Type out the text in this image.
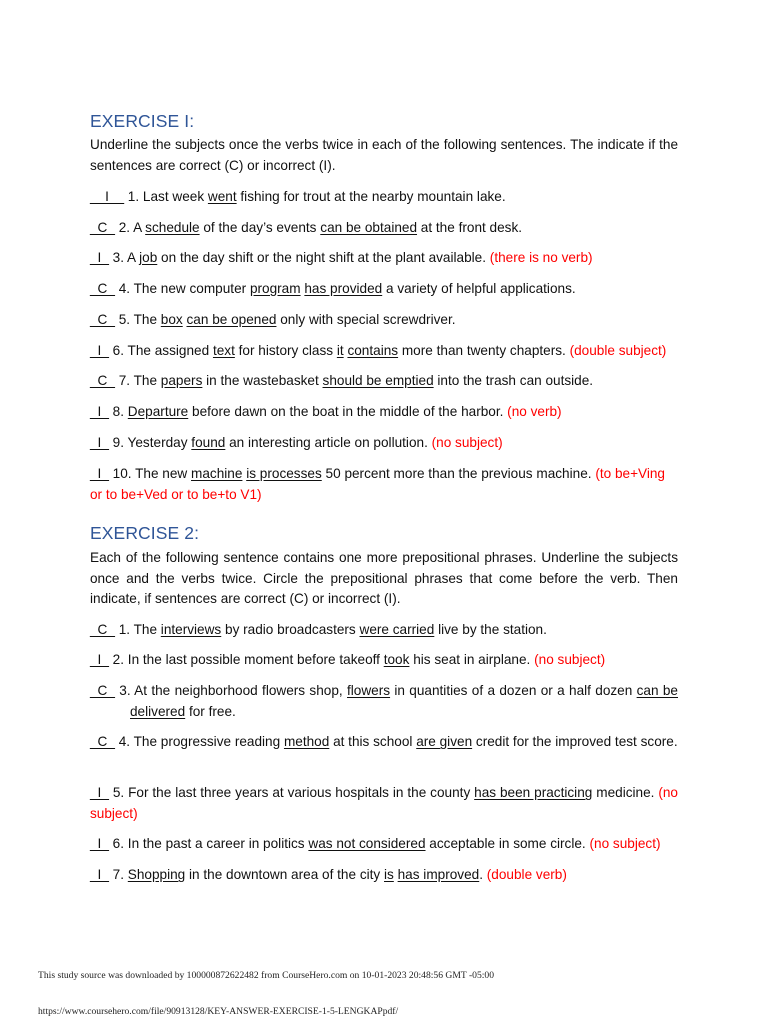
EXERCISE I:
Underline the subjects once the verbs twice in each of the following sentences. The indicate if the sentences are correct (C) or incorrect (I).
__I__ 1. Last week went fishing for trout at the nearby mountain lake.
_C_ 2. A schedule of the day’s events can be obtained at the front desk.
_I_ 3. A job on the day shift or the night shift at the plant available. (there is no verb)
_C_ 4. The new computer program has provided a variety of helpful applications.
_C_ 5. The box can be opened only with special screwdriver.
_I_ 6. The assigned text for history class it contains more than twenty chapters. (double subject)
_C_ 7. The papers in the wastebasket should be emptied into the trash can outside.
_I_ 8. Departure before dawn on the boat in the middle of the harbor. (no verb)
_I_ 9. Yesterday found an interesting article on pollution. (no subject)
_I_ 10. The new machine is processes 50 percent more than the previous machine. (to be+Ving or to be+Ved or to be+to V1)
EXERCISE 2:
Each of the following sentence contains one more prepositional phrases. Underline the subjects once and the verbs twice. Circle the prepositional phrases that come before the verb. Then indicate, if sentences are correct (C) or incorrect (I).
_C_ 1. The interviews by radio broadcasters were carried live by the station.
_I_ 2. In the last possible moment before takeoff took his seat in airplane. (no subject)
_C_ 3. At the neighborhood flowers shop, flowers in quantities of a dozen or a half dozen can be delivered for free.
_C_ 4. The progressive reading method at this school are given credit for the improved test score.
_I_ 5. For the last three years at various hospitals in the county has been practicing medicine. (no subject)
_I_ 6. In the past a career in politics was not considered acceptable in some circle. (no subject)
_I_ 7. Shopping in the downtown area of the city is has improved. (double verb)
This study source was downloaded by 100000872622482 from CourseHero.com on 10-01-2023 20:48:56 GMT -05:00
https://www.coursehero.com/file/90913128/KEY-ANSWER-EXERCISE-1-5-LENGKAPpdf/
